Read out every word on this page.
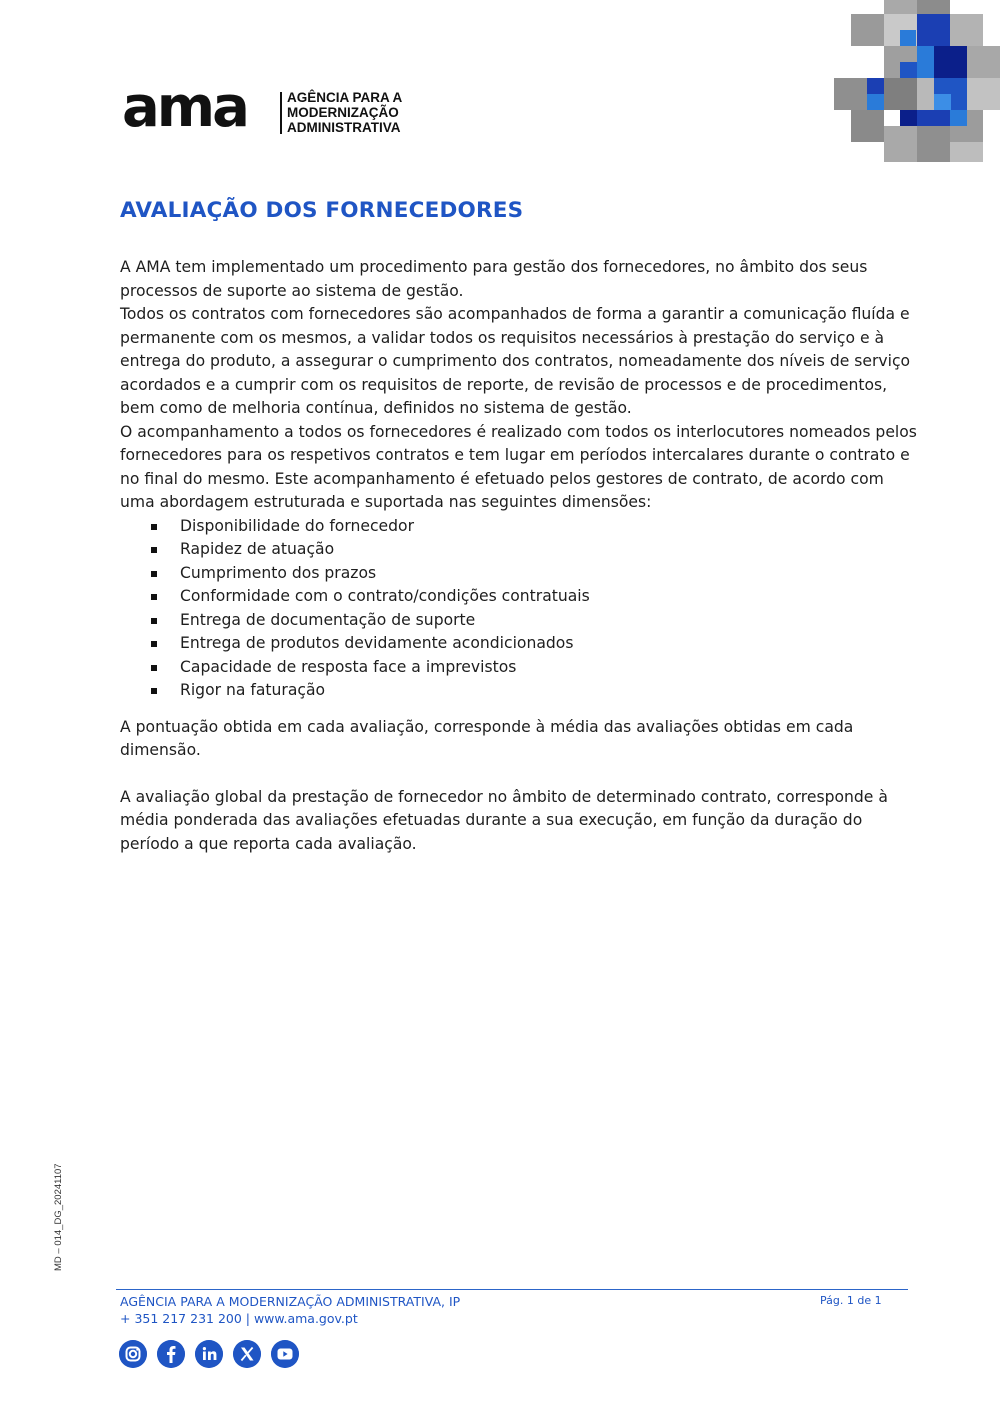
ama	AGÊNCIA PARA A
MODERNIZAÇÃO
ADMINISTRATIVA
AVALIAÇÃO DOS FORNECEDORES

A AMA tem implementado um procedimento para gestão dos fornecedores, no âmbito dos seus processos de suporte ao sistema de gestão.

Todos os contratos com fornecedores são acompanhados de forma a garantir a comunicação fluída e permanente com os mesmos, a validar todos os requisitos necessários à prestação do serviço e à entrega do produto, a assegurar o cumprimento dos contratos, nomeadamente dos níveis de serviço acordados e a cumprir com os requisitos de reporte, de revisão de processos e de procedimentos, bem como de melhoria contínua, definidos no sistema de gestão.

O acompanhamento a todos os fornecedores é realizado com todos os interlocutores nomeados pelos fornecedores para os respetivos contratos e tem lugar em períodos intercalares durante o contrato e no final do mesmo. Este acompanhamento é efetuado pelos gestores de contrato, de acordo com uma abordagem estruturada e suportada nas seguintes dimensões:

Disponibilidade do fornecedor
Rapidez de atuação
Cumprimento dos prazos
Conformidade com o contrato/condições contratuais
Entrega de documentação de suporte
Entrega de produtos devidamente acondicionados
Capacidade de resposta face a imprevistos
Rigor na faturação

A pontuação obtida em cada avaliação, corresponde à média das avaliações obtidas em cada dimensão.

A avaliação global da prestação de fornecedor no âmbito de determinado contrato, corresponde à média ponderada das avaliações efetuadas durante a sua execução, em função da duração do período a que reporta cada avaliação.

MD – 014_DG_20241107
AGÊNCIA PARA A MODERNIZAÇÃO ADMINISTRATIVA, IP
+ 351 217 231 200 | www.ama.gov.pt
Pág. 1 de 1
